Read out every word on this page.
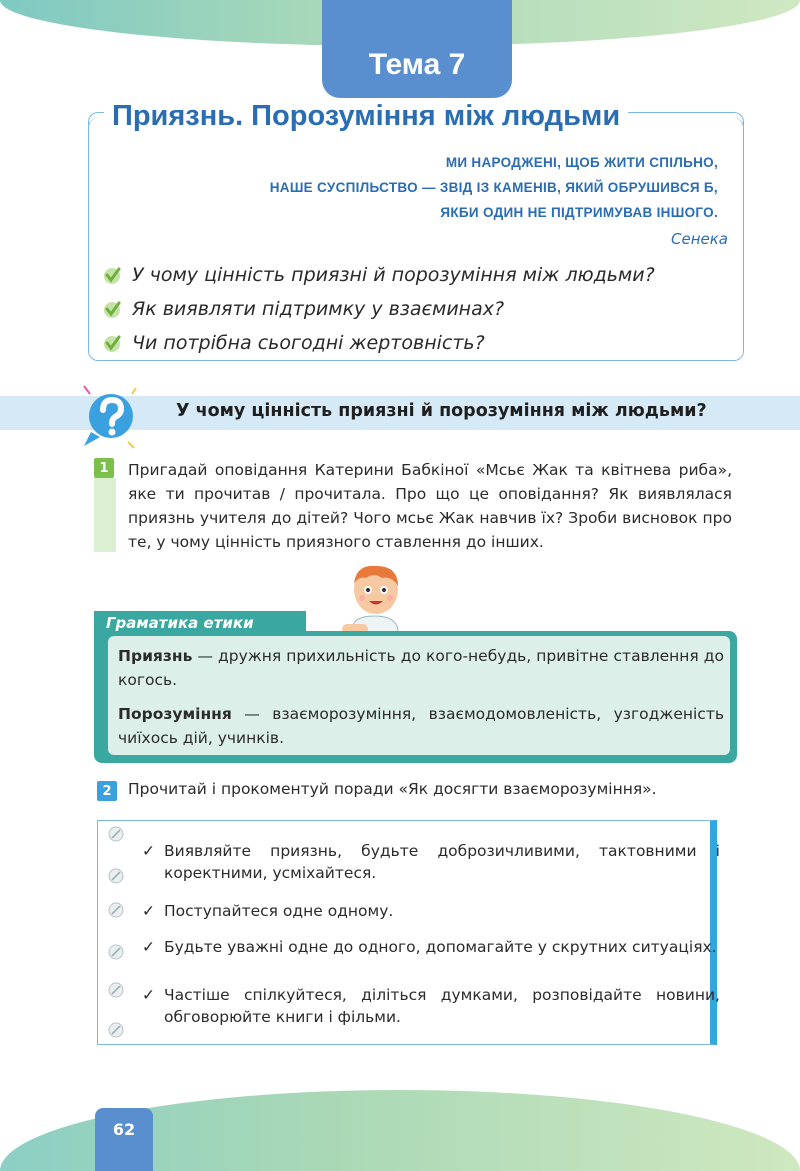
Тема 7
Приязнь. Порозуміння між людьми
МИ НАРОДЖЕНІ, ЩОБ ЖИТИ СПІЛЬНО,
НАШЕ СУСПІЛЬСТВО — ЗВІД ІЗ КАМЕНІВ, ЯКИЙ ОБРУШИВСЯ Б,
ЯКБИ ОДИН НЕ ПІДТРИМУВАВ ІНШОГО.
Сенека
У чому цінність приязні й порозуміння між людьми?
Як виявляти підтримку у взаєминах?
Чи потрібна сьогодні жертовність?
У чому цінність приязні й порозуміння між людьми?
1	Пригадай оповідання Катерини Бабкіної «Мсьє Жак та квітнева риба», яке ти прочитав / прочитала. Про що це оповідання? Як виявлялася приязнь учителя до дітей? Чого мсьє Жак навчив їх? Зроби висновок про те, у чому цінність приязного ставлення до інших.
Граматика етики
Приязнь — дружня прихильність до кого-небудь, привітне ставлення до когось.
Порозуміння — взаєморозуміння, взаємодомовленість, узгодженість чиїхось дій, учинків.
2	Прочитай і прокоментуй поради «Як досягти взаєморозуміння».
✓ Виявляйте приязнь, будьте доброзичливими, тактовними і коректними, усміхайтеся.
✓ Поступайтеся одне одному.
✓ Будьте уважні одне до одного, допомагайте у скрутних ситуаціях.
✓ Частіше спілкуйтеся, діліться думками, розповідайте новини, обговорюйте книги і фільми.
62
